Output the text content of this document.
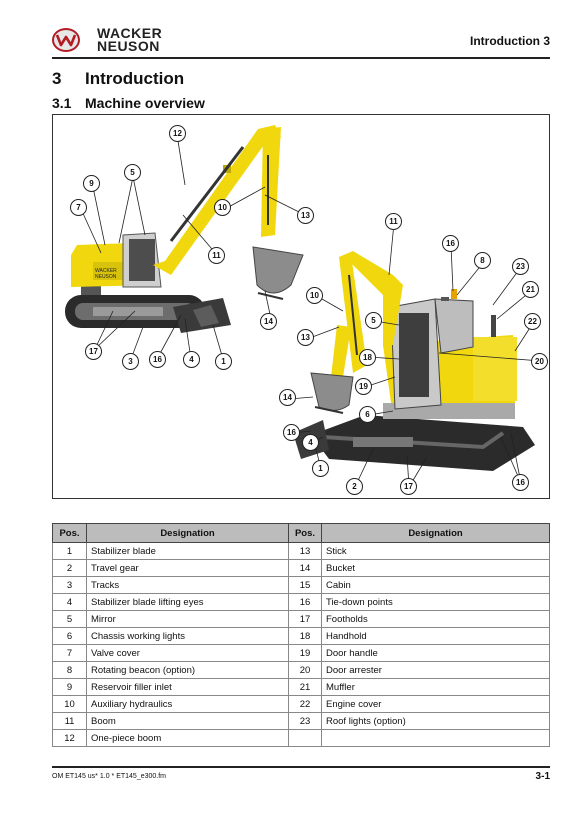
WACKER
NEUSON	Introduction 3
3 Introduction
3.1 Machine overview
WACKER
NEUSON
12
5
9
7	10
13
11
14
17
3	16	4	1
11
16
8
23
21
22
20
10
13
5
18
19
14
6
16
4
1
2	17	16
Pos.	Designation	Pos.	Designation
1	Stabilizer blade	13	Stick
2	Travel gear	14	Bucket
3	Tracks	15	Cabin
4	Stabilizer blade lifting eyes	16	Tie-down points
5	Mirror	17	Footholds
6	Chassis working lights	18	Handhold
7	Valve cover	19	Door handle
8	Rotating beacon (option)	20	Door arrester
9	Reservoir filler inlet	21	Muffler
10	Auxiliary hydraulics	22	Engine cover
11	Boom	23	Roof lights (option)
12	One-piece boom		
OM ET145 us* 1.0 * ET145_e300.fm	3-1
